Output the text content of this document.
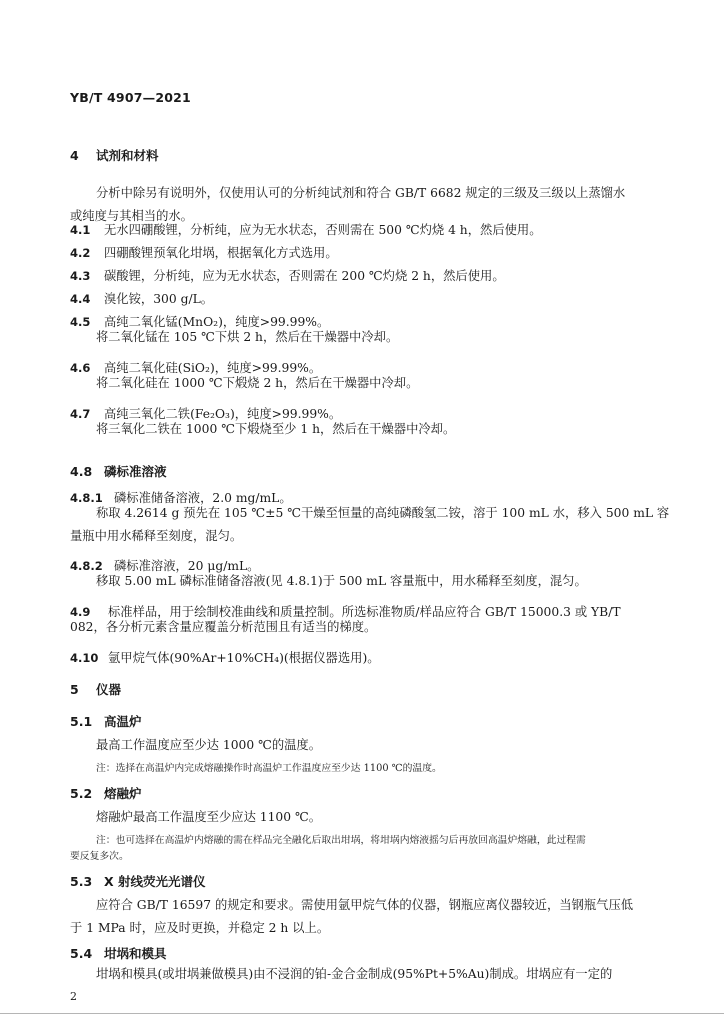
YB/T 4907—2021
4 试剂和材料
分析中除另有说明外，仅使用认可的分析纯试剂和符合 GB/T 6682 规定的三级及三级以上蒸馏水
或纯度与其相当的水。
4.1 无水四硼酸锂，分析纯，应为无水状态，否则需在 500 ℃灼烧 4 h，然后使用。
4.2 四硼酸锂预氧化坩埚，根据氧化方式选用。
4.3 碳酸锂，分析纯，应为无水状态，否则需在 200 ℃灼烧 2 h，然后使用。
4.4 溴化铵，300 g/L。
4.5 高纯二氧化锰(MnO₂)，纯度>99.99%。
将二氧化锰在 105 ℃下烘 2 h，然后在干燥器中冷却。
4.6 高纯二氧化硅(SiO₂)，纯度>99.99%。
将二氧化硅在 1000 ℃下煅烧 2 h，然后在干燥器中冷却。
4.7 高纯三氧化二铁(Fe₂O₃)，纯度>99.99%。
将三氧化二铁在 1000 ℃下煅烧至少 1 h，然后在干燥器中冷却。
4.8 磷标准溶液
4.8.1 磷标准储备溶液，2.0 mg/mL。
称取 4.2614 g 预先在 105 ℃±5 ℃干燥至恒量的高纯磷酸氢二铵，溶于 100 mL 水，移入 500 mL 容
量瓶中用水稀释至刻度，混匀。
4.8.2 磷标准溶液，20 μg/mL。
移取 5.00 mL 磷标准储备溶液(见 4.8.1)于 500 mL 容量瓶中，用水稀释至刻度，混匀。
4.9 标准样品，用于绘制校准曲线和质量控制。所选标准物质/样品应符合 GB/T 15000.3 或 YB/T
082，各分析元素含量应覆盖分析范围且有适当的梯度。
4.10 氩甲烷气体(90%Ar+10%CH₄)(根据仪器选用)。
5 仪器
5.1 高温炉
最高工作温度应至少达 1000 ℃的温度。
注：选择在高温炉内完成熔融操作时高温炉工作温度应至少达 1100 ℃的温度。
5.2 熔融炉
熔融炉最高工作温度至少应达 1100 ℃。
注：也可选择在高温炉内熔融的需在样品完全融化后取出坩埚，将坩埚内熔液摇匀后再放回高温炉熔融，此过程需
要反复多次。
5.3 X 射线荧光光谱仪
应符合 GB/T 16597 的规定和要求。需使用氩甲烷气体的仪器，钢瓶应离仪器较近，当钢瓶气压低
于 1 MPa 时，应及时更换，并稳定 2 h 以上。
5.4 坩埚和模具
坩埚和模具(或坩埚兼做模具)由不浸润的铂-金合金制成(95%Pt+5%Au)制成。坩埚应有一定的
2
